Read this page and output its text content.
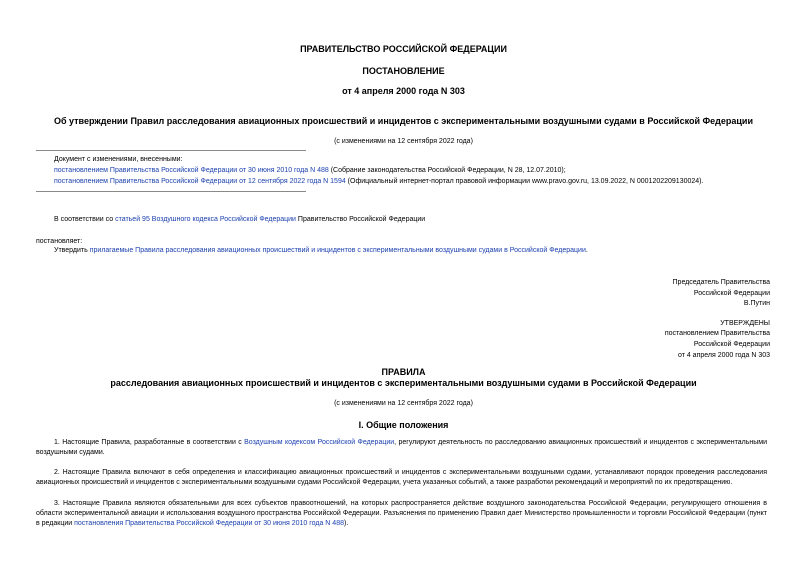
ПРАВИТЕЛЬСТВО РОССИЙСКОЙ ФЕДЕРАЦИИ
ПОСТАНОВЛЕНИЕ
от 4 апреля 2000 года N 303
Об утверждении Правил расследования авиационных происшествий и инцидентов с экспериментальными воздушными судами в Российской Федерации
(с изменениями на 12 сентября 2022 года)
Документ с изменениями, внесенными:
постановлением Правительства Российской Федерации от 30 июня 2010 года N 488 (Собрание законодательства Российской Федерации, N 28, 12.07.2010);
постановлением Правительства Российской Федерации от 12 сентября 2022 года N 1594 (Официальный интернет-портал правовой информации www.pravo.gov.ru, 13.09.2022, N 0001202209130024).
В соответствии со статьей 95 Воздушного кодекса Российской Федерации Правительство Российской Федерации
постановляет:
Утвердить прилагаемые Правила расследования авиационных происшествий и инцидентов с экспериментальными воздушными судами в Российской Федерации.
Председатель Правительства
Российской Федерации
В.Путин
УТВЕРЖДЕНЫ
постановлением Правительства
Российской Федерации
от 4 апреля 2000 года N 303
ПРАВИЛА
расследования авиационных происшествий и инцидентов с экспериментальными воздушными судами в Российской Федерации
(с изменениями на 12 сентября 2022 года)
I. Общие положения
1. Настоящие Правила, разработанные в соответствии с Воздушным кодексом Российской Федерации, регулируют деятельность по расследованию авиационных происшествий и инцидентов с экспериментальными воздушными судами.
2. Настоящие Правила включают в себя определения и классификацию авиационных происшествий и инцидентов с экспериментальными воздушными судами, устанавливают порядок проведения расследования авиационных происшествий и инцидентов с экспериментальными воздушными судами Российской Федерации, учета указанных событий, а также разработки рекомендаций и мероприятий по их предотвращению.
3. Настоящие Правила являются обязательными для всех субъектов правоотношений, на которых распространяется действие воздушного законодательства Российской Федерации, регулирующего отношения в области экспериментальной авиации и использования воздушного пространства Российской Федерации. Разъяснения по применению Правил дает Министерство промышленности и торговли Российской Федерации (пункт в редакции постановления Правительства Российской Федерации от 30 июня 2010 года N 488).
